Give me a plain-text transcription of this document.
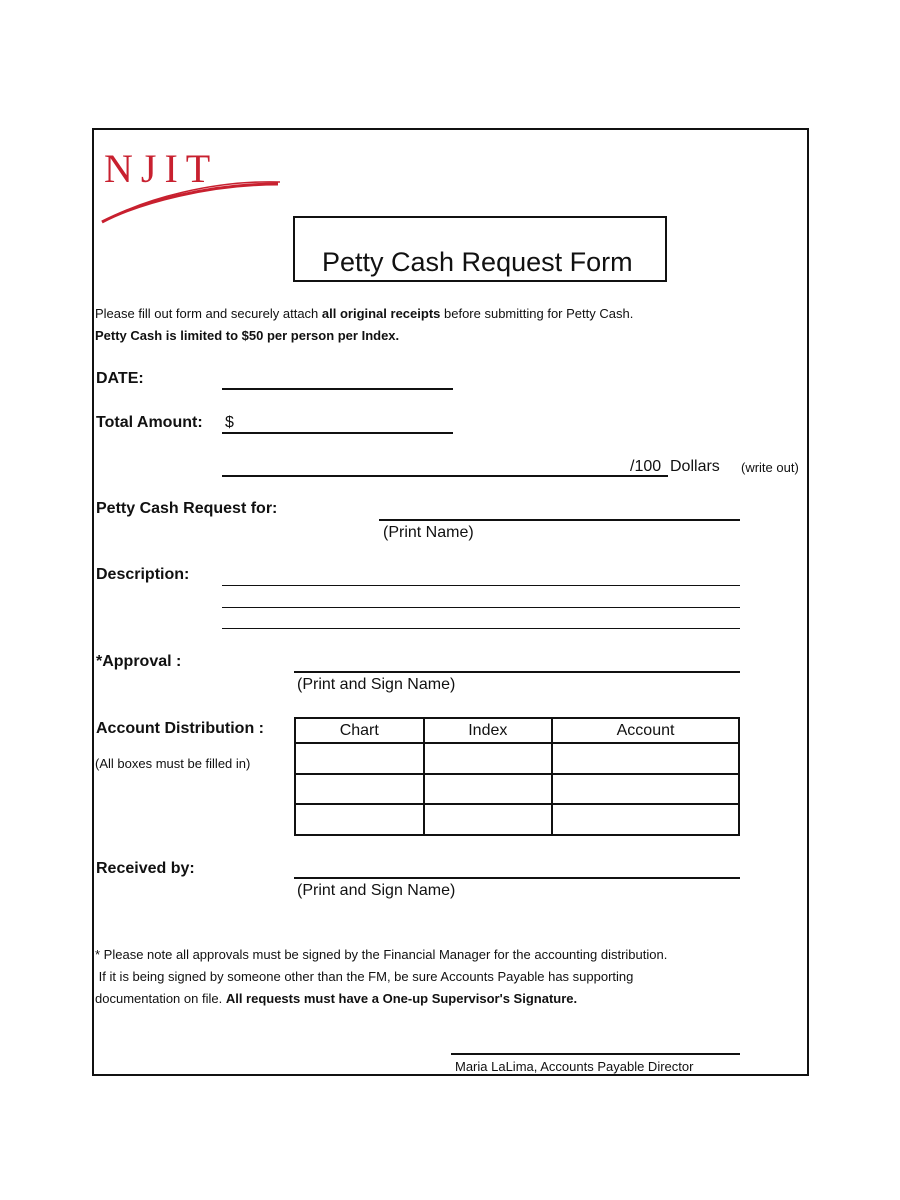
NJIT
Petty Cash Request Form
Please fill out form and securely attach all original receipts before submitting for Petty Cash.
Petty Cash is limited to $50 per person per Index.
DATE:
Total Amount: $
/100 Dollars (write out)
Petty Cash Request for:
(Print Name)
Description:
*Approval :
(Print and Sign Name)
Account Distribution :
(All boxes must be filled in)
Chart	Index	Account

Received by:
(Print and Sign Name)
* Please note all approvals must be signed by the Financial Manager for the accounting distribution.
If it is being signed by someone other than the FM, be sure Accounts Payable has supporting
documentation on file. All requests must have a One-up Supervisor's Signature.
Maria LaLima, Accounts Payable Director
